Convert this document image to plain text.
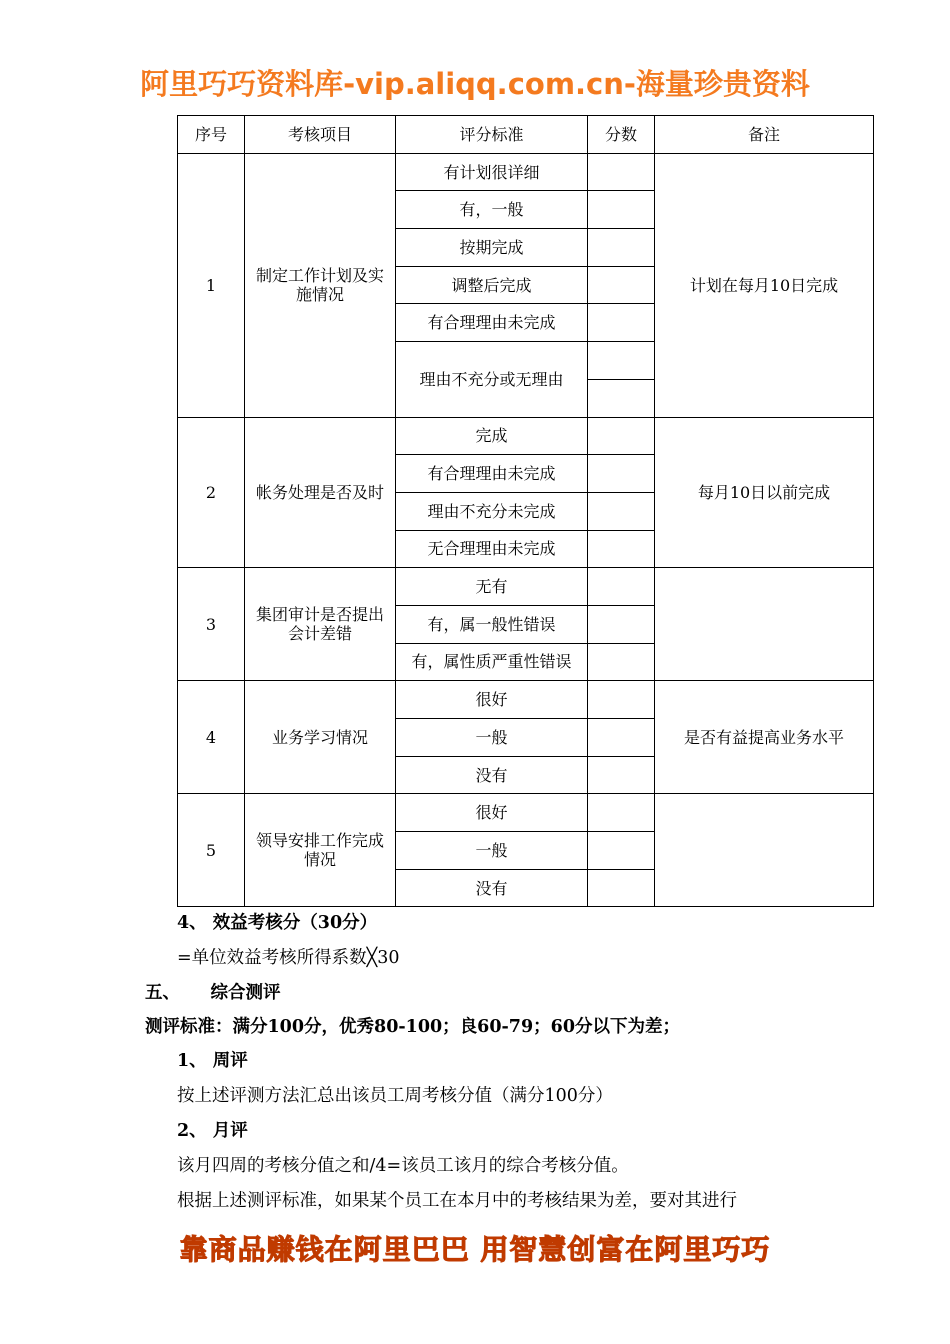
阿里巧巧资料库-vip.aliqq.com.cn-海量珍贵资料
序号	考核项目	评分标准	分数	备注
1	制定工作计划及实施情况	有计划很详细		计划在每月10日完成
		有，一般		
		按期完成		
		调整后完成		
		有合理理由未完成		
		理由不充分或无理由		

2	帐务处理是否及时	完成		每月10日以前完成
		有合理理由未完成		
		理由不充分未完成		
		无合理理由未完成		
3	集团审计是否提出会计差错	无有		
		有，属一般性错误		
		有，属性质严重性错误		
4	业务学习情况	很好		是否有益提高业务水平
		一般		
		没有		
5	领导安排工作完成情况	很好		
		一般		
		没有		
4、 效益考核分（30分）
=单位效益考核所得系数╳30
五、     综合测评
测评标准：满分100分，优秀80-100；良60-79；60分以下为差；
1、 周评
按上述评测方法汇总出该员工周考核分值（满分100分）
2、 月评
该月四周的考核分值之和/4=该员工该月的综合考核分值。
根据上述测评标准，如果某个员工在本月中的考核结果为差，要对其进行
靠商品赚钱在阿里巴巴 用智慧创富在阿里巧巧
